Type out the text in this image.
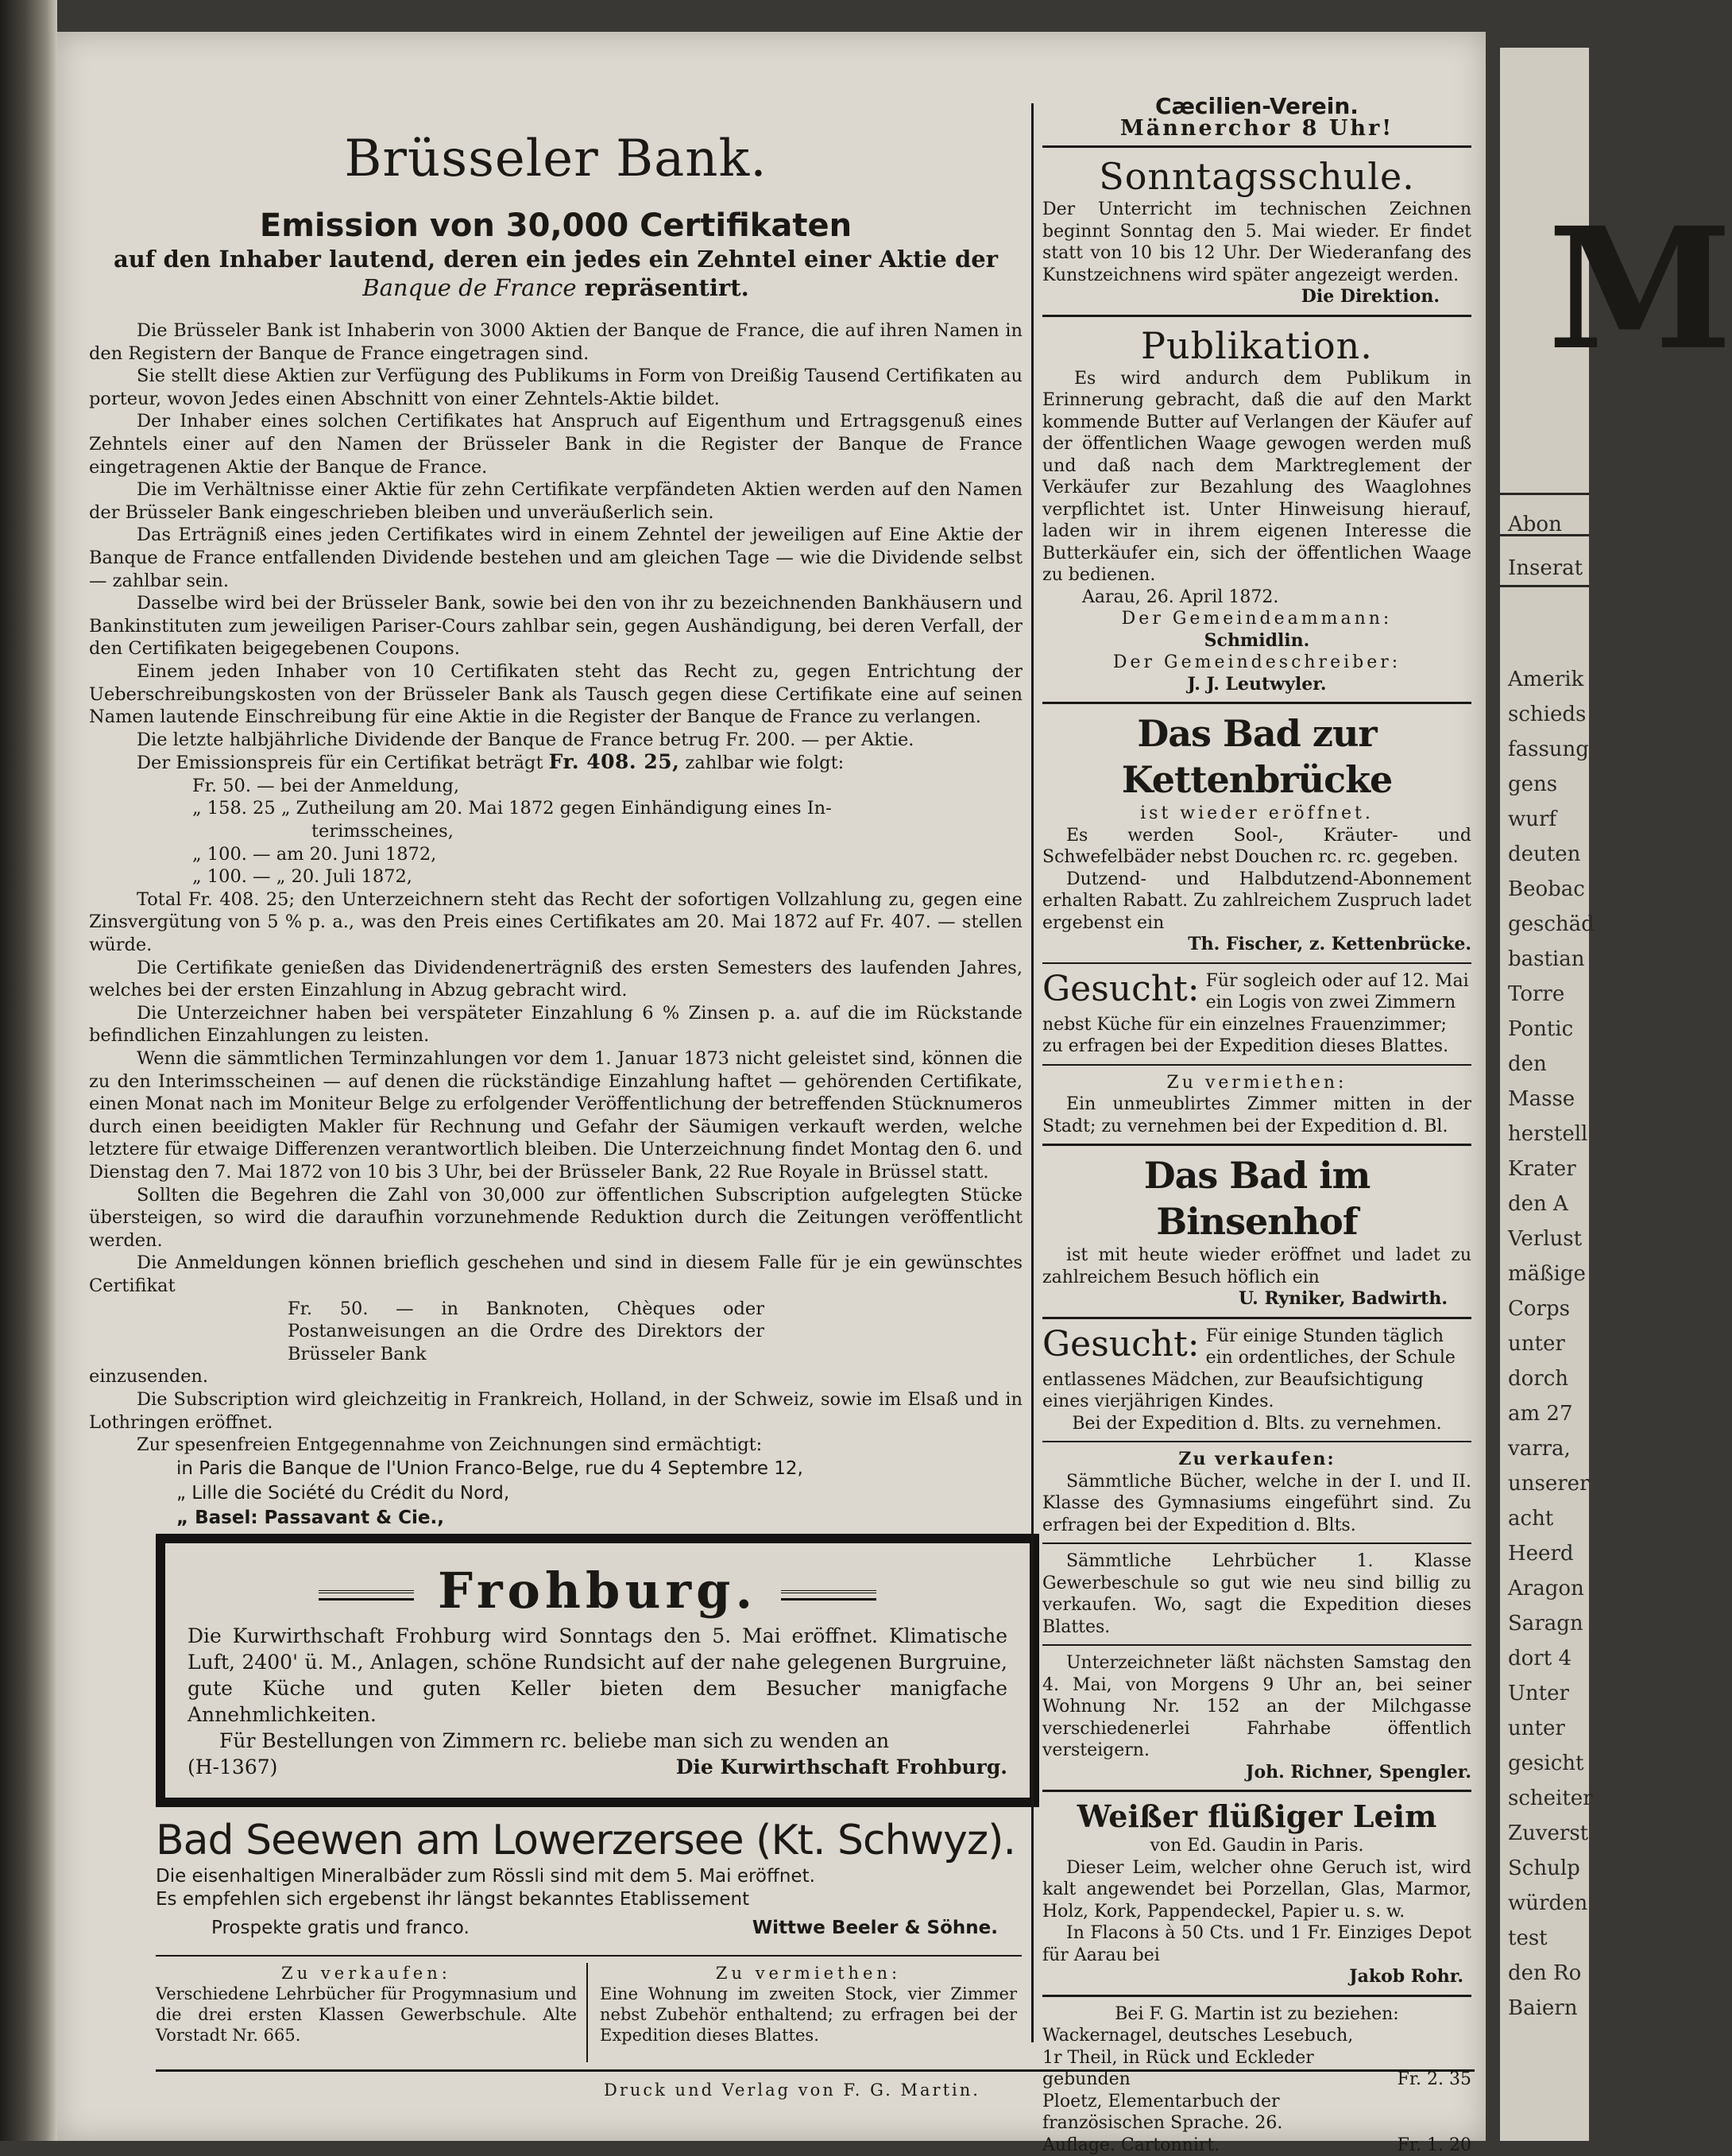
Brüsseler Bank.
Emission von 30,000 Certifikaten
auf den Inhaber lautend, deren ein jedes ein Zehntel einer Aktie der
Banque de France repräsentirt.

Die Brüsseler Bank ist Inhaberin von 3000 Aktien der Banque de France, die auf ihren Namen in den Registern der Banque de France eingetragen sind.

Sie stellt diese Aktien zur Verfügung des Publikums in Form von Dreißig Tausend Certifikaten au porteur, wovon Jedes einen Abschnitt von einer Zehntels-Aktie bildet.

Der Inhaber eines solchen Certifikates hat Anspruch auf Eigenthum und Ertragsgenuß eines Zehntels einer auf den Namen der Brüsseler Bank in die Register der Banque de France eingetragenen Aktie der Banque de France.

Die im Verhältnisse einer Aktie für zehn Certifikate verpfändeten Aktien werden auf den Namen der Brüsseler Bank eingeschrieben bleiben und unveräußerlich sein.

Das Erträgniß eines jeden Certifikates wird in einem Zehntel der jeweiligen auf Eine Aktie der Banque de France entfallenden Dividende bestehen und am gleichen Tage — wie die Dividende selbst — zahlbar sein.

Dasselbe wird bei der Brüsseler Bank, sowie bei den von ihr zu bezeichnenden Bankhäusern und Bankinstituten zum jeweiligen Pariser-Cours zahlbar sein, gegen Aushändigung, bei deren Verfall, der den Certifikaten beigegebenen Coupons.

Einem jeden Inhaber von 10 Certifikaten steht das Recht zu, gegen Entrichtung der Ueberschreibungskosten von der Brüsseler Bank als Tausch gegen diese Certifikate eine auf seinen Namen lautende Einschreibung für eine Aktie in die Register der Banque de France zu verlangen.

Die letzte halbjährliche Dividende der Banque de France betrug Fr. 200. — per Aktie.

Der Emissionspreis für ein Certifikat beträgt Fr. 408. 25, zahlbar wie folgt:

Fr. 50. — bei der Anmeldung,
„ 158. 25 „ Zutheilung am 20. Mai 1872 gegen Einhändigung eines In-
terimsscheines,
„ 100. — am 20. Juni 1872,
„ 100. — „ 20. Juli 1872,

Total Fr. 408. 25; den Unterzeichnern steht das Recht der sofortigen Vollzahlung zu, gegen eine Zinsvergütung von 5 % p. a., was den Preis eines Certifikates am 20. Mai 1872 auf Fr. 407. — stellen würde.

Die Certifikate genießen das Dividendenerträgniß des ersten Semesters des laufenden Jahres, welches bei der ersten Einzahlung in Abzug gebracht wird.

Die Unterzeichner haben bei verspäteter Einzahlung 6 % Zinsen p. a. auf die im Rückstande befindlichen Einzahlungen zu leisten.

Wenn die sämmtlichen Terminzahlungen vor dem 1. Januar 1873 nicht geleistet sind, können die zu den Interimsscheinen — auf denen die rückständige Einzahlung haftet — gehörenden Certifikate, einen Monat nach im Moniteur Belge zu erfolgender Veröffentlichung der betreffenden Stücknumeros durch einen beeidigten Makler für Rechnung und Gefahr der Säumigen verkauft werden, welche letztere für etwaige Differenzen verantwortlich bleiben. Die Unterzeichnung findet Montag den 6. und Dienstag den 7. Mai 1872 von 10 bis 3 Uhr, bei der Brüsseler Bank, 22 Rue Royale in Brüssel statt.

Sollten die Begehren die Zahl von 30,000 zur öffentlichen Subscription aufgelegten Stücke übersteigen, so wird die daraufhin vorzunehmende Reduktion durch die Zeitungen veröffentlicht werden.

Die Anmeldungen können brieflich geschehen und sind in diesem Falle für je ein gewünschtes Certifikat

Fr. 50. — in Banknoten, Chèques oder Postanweisungen an die Ordre des Direktors der Brüsseler Bank

einzusenden.

Die Subscription wird gleichzeitig in Frankreich, Holland, in der Schweiz, sowie im Elsaß und in Lothringen eröffnet.

Zur spesenfreien Entgegennahme von Zeichnungen sind ermächtigt:

in Paris die Banque de l'Union Franco-Belge, rue du 4 Septembre 12,
„ Lille die Société du Crédit du Nord,
„ Basel: Passavant & Cie.,
Frohburg.
Die Kurwirthschaft Frohburg wird Sonntags den 5. Mai eröffnet. Klimatische Luft, 2400' ü. M., Anlagen, schöne Rundsicht auf der nahe gelegenen Burgruine, gute Küche und guten Keller bieten dem Besucher manigfache Annehmlichkeiten.
Für Bestellungen von Zimmern rc. beliebe man sich zu wenden an
(H-1367)	Die Kurwirthschaft Frohburg.
Bad Seewen am Lowerzersee (Kt. Schwyz).
Die eisenhaltigen Mineralbäder zum Rössli sind mit dem 5. Mai eröffnet.
Es empfehlen sich ergebenst ihr längst bekanntes Etablissement
Prospekte gratis und franco.	Wittwe Beeler & Söhne.
Zu verkaufen:
Verschiedene Lehrbücher für Progymnasium und die drei ersten Klassen Gewerbschule. Alte Vorstadt Nr. 665.
Zu vermiethen:
Eine Wohnung im zweiten Stock, vier Zimmer nebst Zubehör enthaltend; zu erfragen bei der Expedition dieses Blattes.
Druck und Verlag von F. G. Martin.
Cæcilien-Verein.
Männerchor 8 Uhr!
Sonntagsschule.
Der Unterricht im technischen Zeichnen beginnt Sonntag den 5. Mai wieder. Er findet statt von 10 bis 12 Uhr. Der Wiederanfang des Kunstzeichnens wird später angezeigt werden.
Die Direktion.
Publikation.
Es wird andurch dem Publikum in Erinnerung gebracht, daß die auf den Markt kommende Butter auf Verlangen der Käufer auf der öffentlichen Waage gewogen werden muß und daß nach dem Marktreglement der Verkäufer zur Bezahlung des Waaglohnes verpflichtet ist. Unter Hinweisung hierauf, laden wir in ihrem eigenen Interesse die Butterkäufer ein, sich der öffentlichen Waage zu bedienen.
Aarau, 26. April 1872.
Der Gemeindeammann:
Schmidlin.
Der Gemeindeschreiber:
J. J. Leutwyler.
Das Bad zur Kettenbrücke
ist wieder eröffnet.
Es werden Sool-, Kräuter- und Schwefelbäder nebst Douchen rc. rc. gegeben.
Dutzend- und Halbdutzend-Abonnement erhalten Rabatt. Zu zahlreichem Zuspruch ladet ergebenst ein
Th. Fischer, z. Kettenbrücke.
Gesucht: Für sogleich oder auf 12. Mai ein Logis von zwei Zimmern nebst Küche für ein einzelnes Frauenzimmer; zu erfragen bei der Expedition dieses Blattes.
Zu vermiethen:
Ein unmeublirtes Zimmer mitten in der Stadt; zu vernehmen bei der Expedition d. Bl.
Das Bad im Binsenhof
ist mit heute wieder eröffnet und ladet zu zahlreichem Besuch höflich ein
U. Ryniker, Badwirth.
Gesucht: Für einige Stunden täglich ein ordentliches, der Schule entlassenes Mädchen, zur Beaufsichtigung eines vierjährigen Kindes.
Bei der Expedition d. Blts. zu vernehmen.
Zu verkaufen:
Sämmtliche Bücher, welche in der I. und II. Klasse des Gymnasiums eingeführt sind. Zu erfragen bei der Expedition d. Blts.
Sämmtliche Lehrbücher 1. Klasse Gewerbeschule so gut wie neu sind billig zu verkaufen. Wo, sagt die Expedition dieses Blattes.
Unterzeichneter läßt nächsten Samstag den 4. Mai, von Morgens 9 Uhr an, bei seiner Wohnung Nr. 152 an der Milchgasse verschiedenerlei Fahrhabe öffentlich versteigern.
Joh. Richner, Spengler.
Weißer flüßiger Leim
von Ed. Gaudin in Paris.
Dieser Leim, welcher ohne Geruch ist, wird kalt angewendet bei Porzellan, Glas, Marmor, Holz, Kork, Pappendeckel, Papier u. s. w.
In Flacons à 50 Cts. und 1 Fr. Einziges Depot für Aarau bei
Jakob Rohr.
Bei F. G. Martin ist zu beziehen:
Wackernagel, deutsches Lesebuch, 1r Theil, in Rück und Eckleder gebunden	Fr. 2. 35
Ploetz, Elementarbuch der französischen Sprache. 26. Auflage. Cartonnirt.	Fr. 1. 20
M
Abon
Inserat
Amerik
schieds
fassung
gens
wurf
deuten
Beobac
geschäd
bastian
Torre
Pontic
den
Masse
herstell
Krater
den A
Verlust
mäßige
Corps
unter
dorch
am 27
varra,
unserer
acht
Heerd
Aragon
Saragn
dort 4
Unter
unter
gesicht
scheiter
Zuverst
Schulp
würden
test
den Ro
Baiern
